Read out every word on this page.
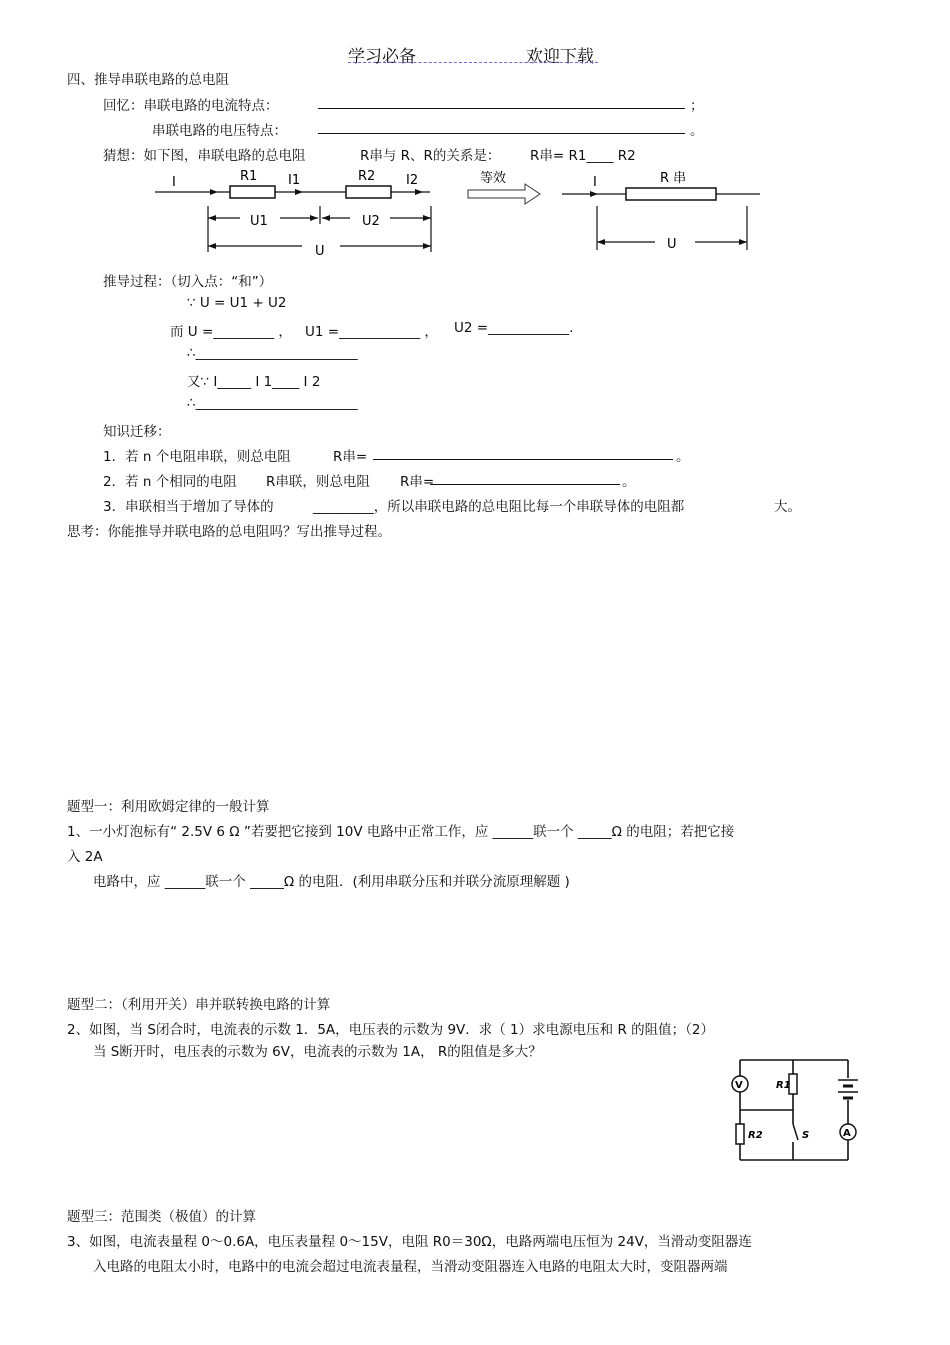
学习必备	欢迎下载
四、推导串联电路的总电阻
回忆：串联电路的电流特点：	；
串联电路的电压特点：	。
猜想：如下图，串联电路的总电阻	R串与 R、R的关系是： R串= R1____ R2
I	R1 I1	R2 I2
U1	U2
U
等效	I	R 串
U
推导过程：（切入点：“和”）
∵ U = U1 + U2
而 U =_________ ， U1 =____________ ， U2 =____________.
∴________________________
又∵ I_____ I 1____ I 2
∴________________________
知识迁移：
1．若 n 个电阻串联，则总电阻	R串=	。
2．若 n 个相同的电阻 R串联，则总电阻 R串=	。
3．串联相当于增加了导体的	_________，所以串联电路的总电阻比每一个串联导体的电阻都	大。
思考：你能推导并联电路的总电阻吗？写出推导过程。
题型一：利用欧姆定律的一般计算
1、一小灯泡标有“ 2.5V 6 Ω ”若要把它接到 10V 电路中正常工作，应 ______联一个 _____Ω 的电阻；若把它接
入 2A
电路中，应 ______联一个 _____Ω 的电阻．(利用串联分压和并联分流原理解题 )
题型二：（利用开关）串并联转换电路的计算
2、如图，当 S闭合时，电流表的示数 1．5A，电压表的示数为 9V．求（ 1）求电源电压和 R 的阻值；（2）
当 S断开时，电压表的示数为 6V，电流表的示数为 1A， R的阻值是多大？
V	R1
R2	S	A
题型三：范围类（极值）的计算
3、如图，电流表量程 0～0.6A，电压表量程 0～15V，电阻 R0＝30Ω，电路两端电压恒为 24V，当滑动变阻器连
入电路的电阻太小时，电路中的电流会超过电流表量程，当滑动变阻器连入电路的电阻太大时，变阻器两端
